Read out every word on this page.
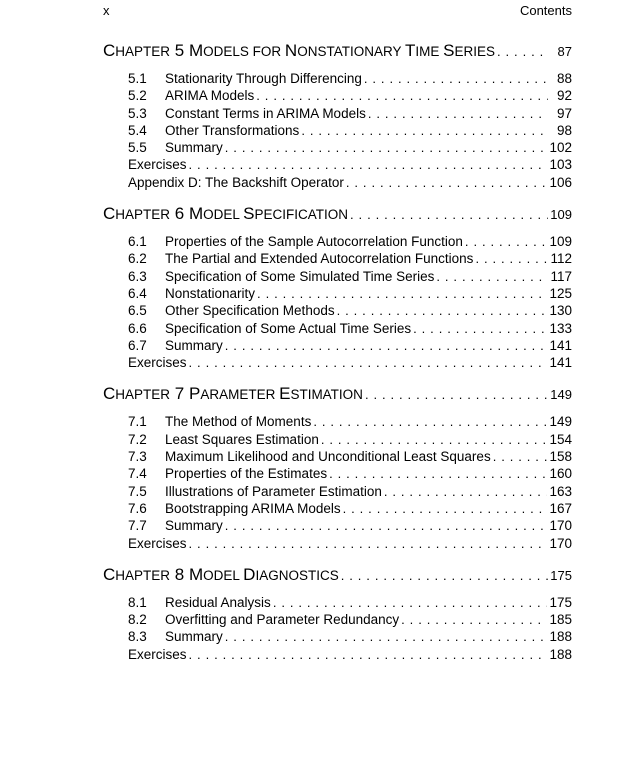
x	Contents
CHAPTER 5 MODELS FOR NONSTATIONARY TIME SERIES . . .	87
5.1	Stationarity Through Differencing . . .	88
5.2	ARIMA Models . . .	92
5.3	Constant Terms in ARIMA Models . . .	97
5.4	Other Transformations . . .	98
5.5	Summary . . .	102
Exercises . . .	103
Appendix D: The Backshift Operator . . .	106
CHAPTER 6 MODEL SPECIFICATION . . .	109
6.1	Properties of the Sample Autocorrelation Function . . .	109
6.2	The Partial and Extended Autocorrelation Functions . . .	112
6.3	Specification of Some Simulated Time Series . . .	117
6.4	Nonstationarity . . .	125
6.5	Other Specification Methods . . .	130
6.6	Specification of Some Actual Time Series . . .	133
6.7	Summary . . .	141
Exercises . . .	141
CHAPTER 7 PARAMETER ESTIMATION . . .	149
7.1	The Method of Moments . . .	149
7.2	Least Squares Estimation . . .	154
7.3	Maximum Likelihood and Unconditional Least Squares . . .	158
7.4	Properties of the Estimates . . .	160
7.5	Illustrations of Parameter Estimation . . .	163
7.6	Bootstrapping ARIMA Models . . .	167
7.7	Summary . . .	170
Exercises . . .	170
CHAPTER 8 MODEL DIAGNOSTICS . . .	175
8.1	Residual Analysis . . .	175
8.2	Overfitting and Parameter Redundancy . . .	185
8.3	Summary . . .	188
Exercises . . .	188
